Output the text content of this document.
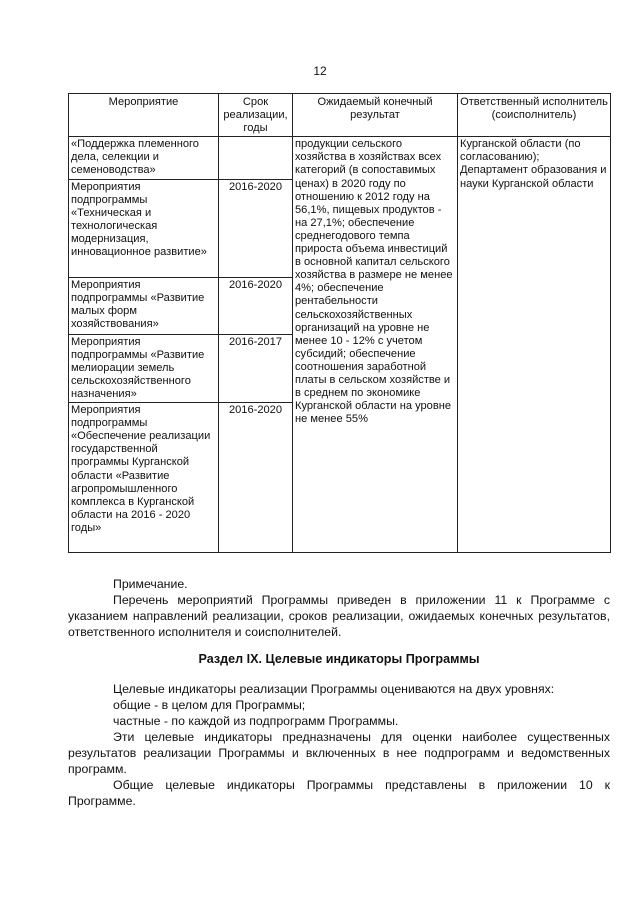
12
Мероприятие	Срок реализации, годы	Ожидаемый конечный результат	Ответственный исполнитель (соисполнитель)
«Поддержка племенного дела, селекции и семеноводства»		продукции сельского хозяйства в хозяйствах всех категорий (в сопоставимых ценах) в 2020 году по отношению к 2012 году на 56,1%, пищевых продуктов - на 27,1%; обеспечение среднегодового темпа прироста объема инвестиций в основной капитал сельского хозяйства в размере не менее 4%; обеспечение рентабельности сельскохозяйственных организаций на уровне не менее 10 - 12% с учетом субсидий; обеспечение соотношения заработной платы в сельском хозяйстве и в среднем по экономике Курганской области на уровне не менее 55%	Курганской области (по согласованию); Департамент образования и науки Курганской области
Мероприятия подпрограммы «Техническая и технологическая модернизация, инновационное развитие»	2016-2020		
Мероприятия подпрограммы «Развитие малых форм хозяйствования»	2016-2020		
Мероприятия подпрограммы «Развитие мелиорации земель сельскохозяйственного назначения»	2016-2017		
Мероприятия подпрограммы «Обеспечение реализации государственной программы Курганской области «Развитие агропромышленного комплекса в Курганской области на 2016 - 2020 годы»	2016-2020		

Примечание.

Перечень мероприятий Программы приведен в приложении 11 к Программе с указанием направлений реализации, сроков реализации, ожидаемых конечных результатов, ответственного исполнителя и соисполнителей.

Раздел IX. Целевые индикаторы Программы

Целевые индикаторы реализации Программы оцениваются на двух уровнях:

общие - в целом для Программы;

частные - по каждой из подпрограмм Программы.

Эти целевые индикаторы предназначены для оценки наиболее существенных результатов реализации Программы и включенных в нее подпрограмм и ведомственных программ.

Общие целевые индикаторы Программы представлены в приложении 10 к Программе.
